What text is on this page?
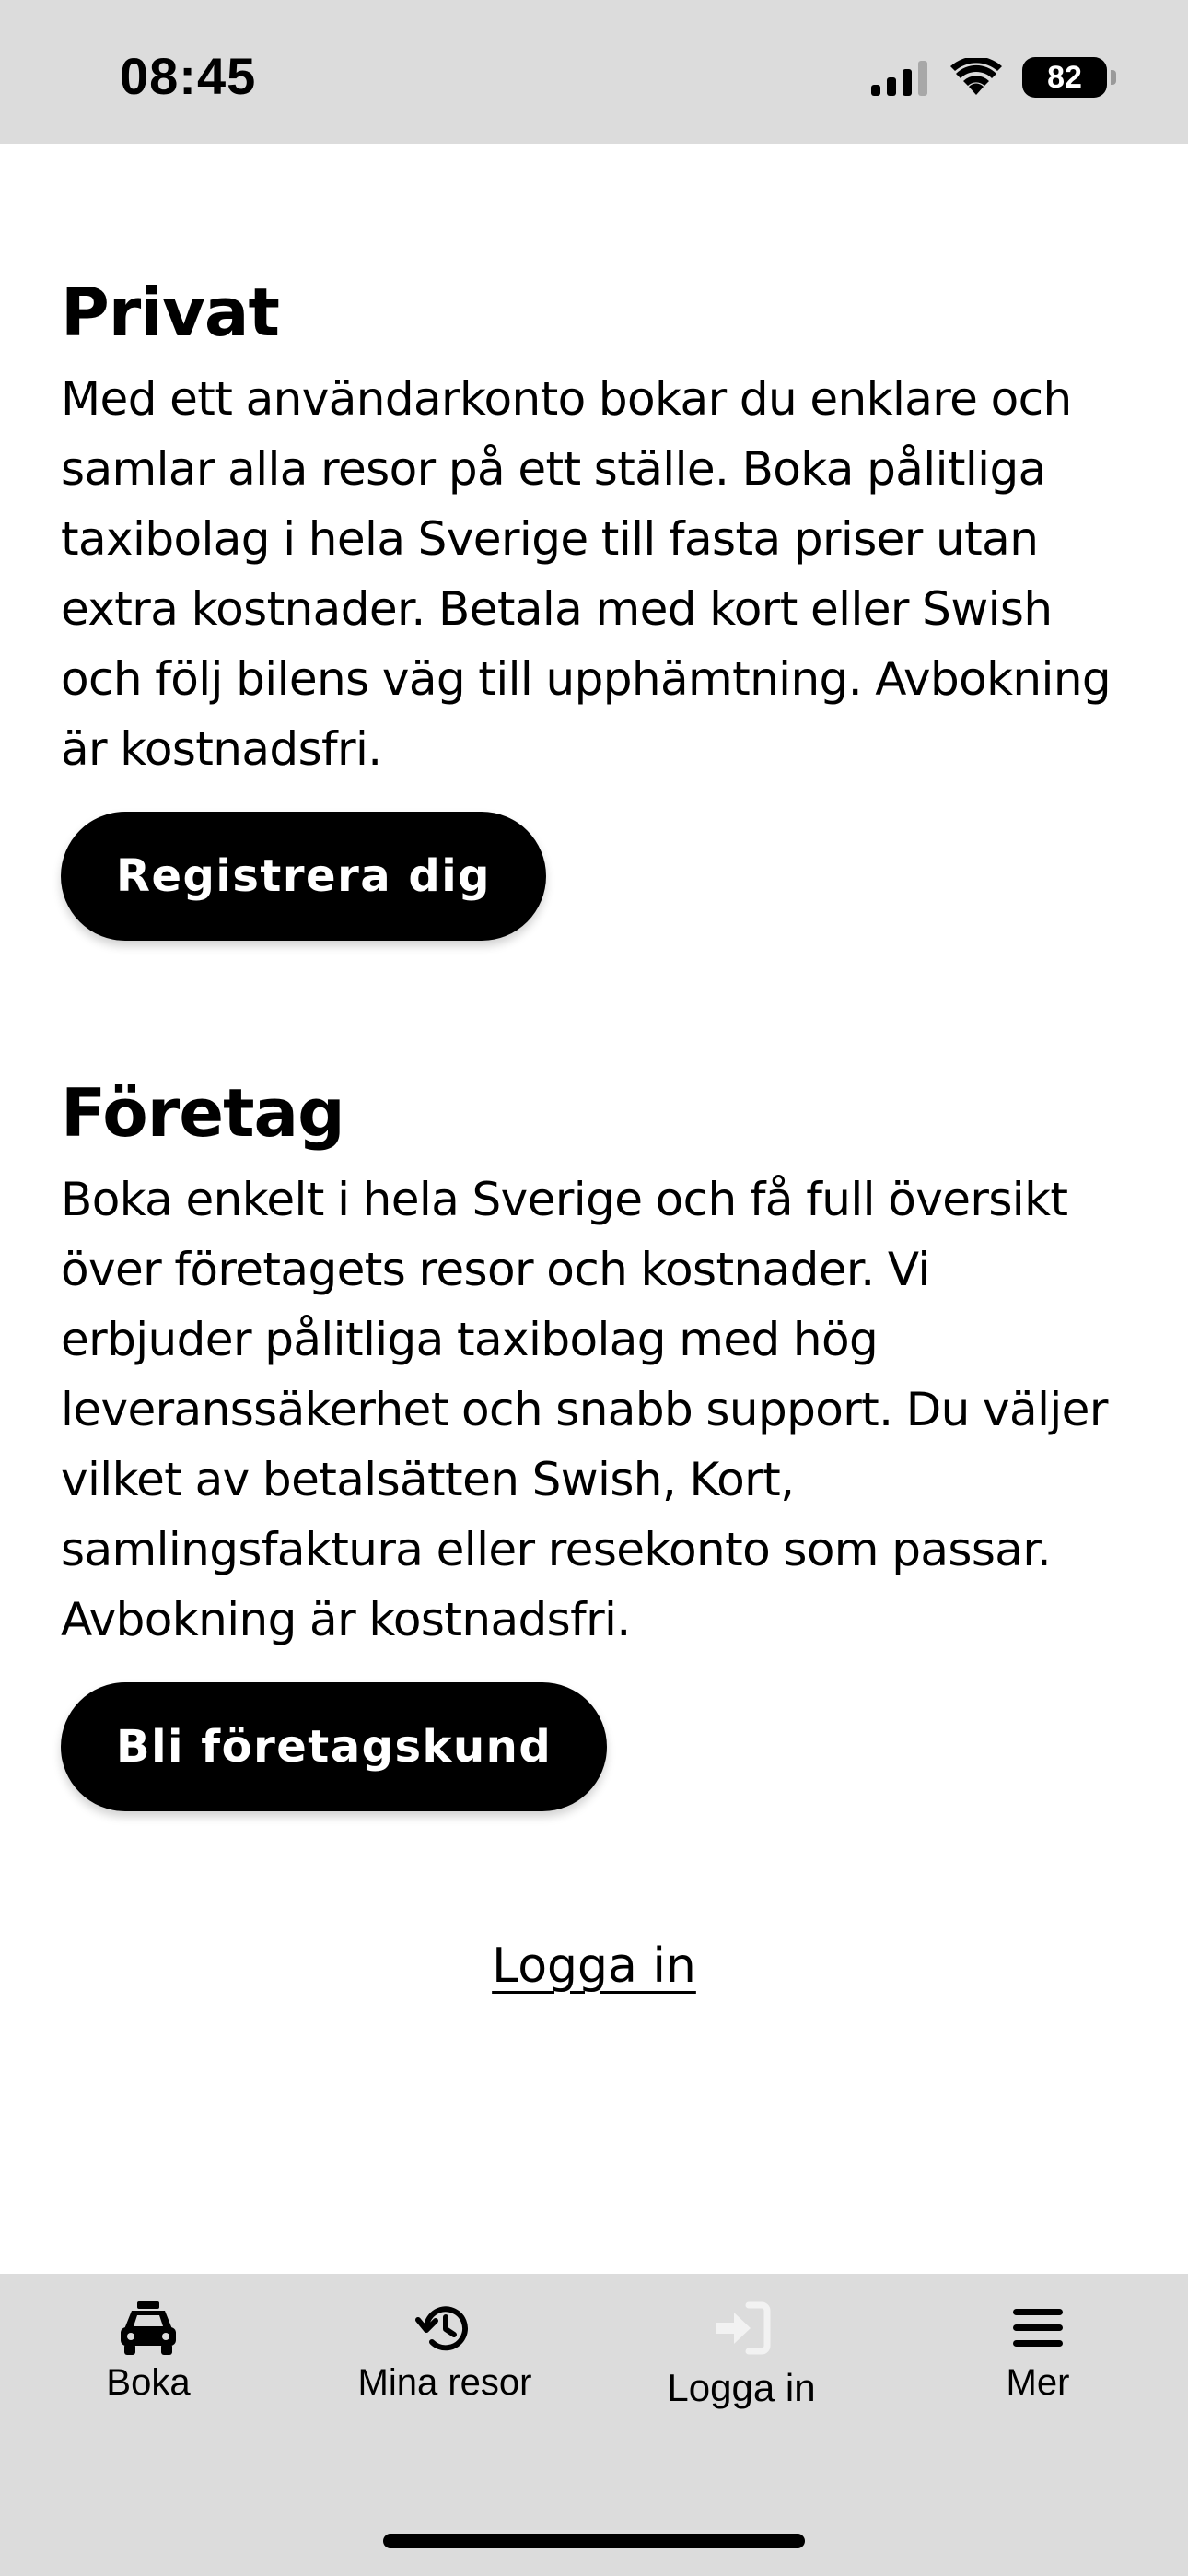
08:45	82
Privat

Med ett användarkonto bokar du enklare och samlar alla resor på ett ställe. Boka pålitliga taxibolag i hela Sverige till fasta priser utan extra kostnader. Betala med kort eller Swish och följ bilens väg till upphämtning. Avbokning är kostnadsfri.

Registrera dig
Företag

Boka enkelt i hela Sverige och få full översikt över företagets resor och kostnader. Vi erbjuder pålitliga taxibolag med hög leveranssäkerhet och snabb support. Du väljer vilket av betalsätten Swish, Kort, samlingsfaktura eller resekonto som passar. Avbokning är kostnadsfri.

Bli företagskund
Logga in
Boka	Mina resor	Logga in	Mer
